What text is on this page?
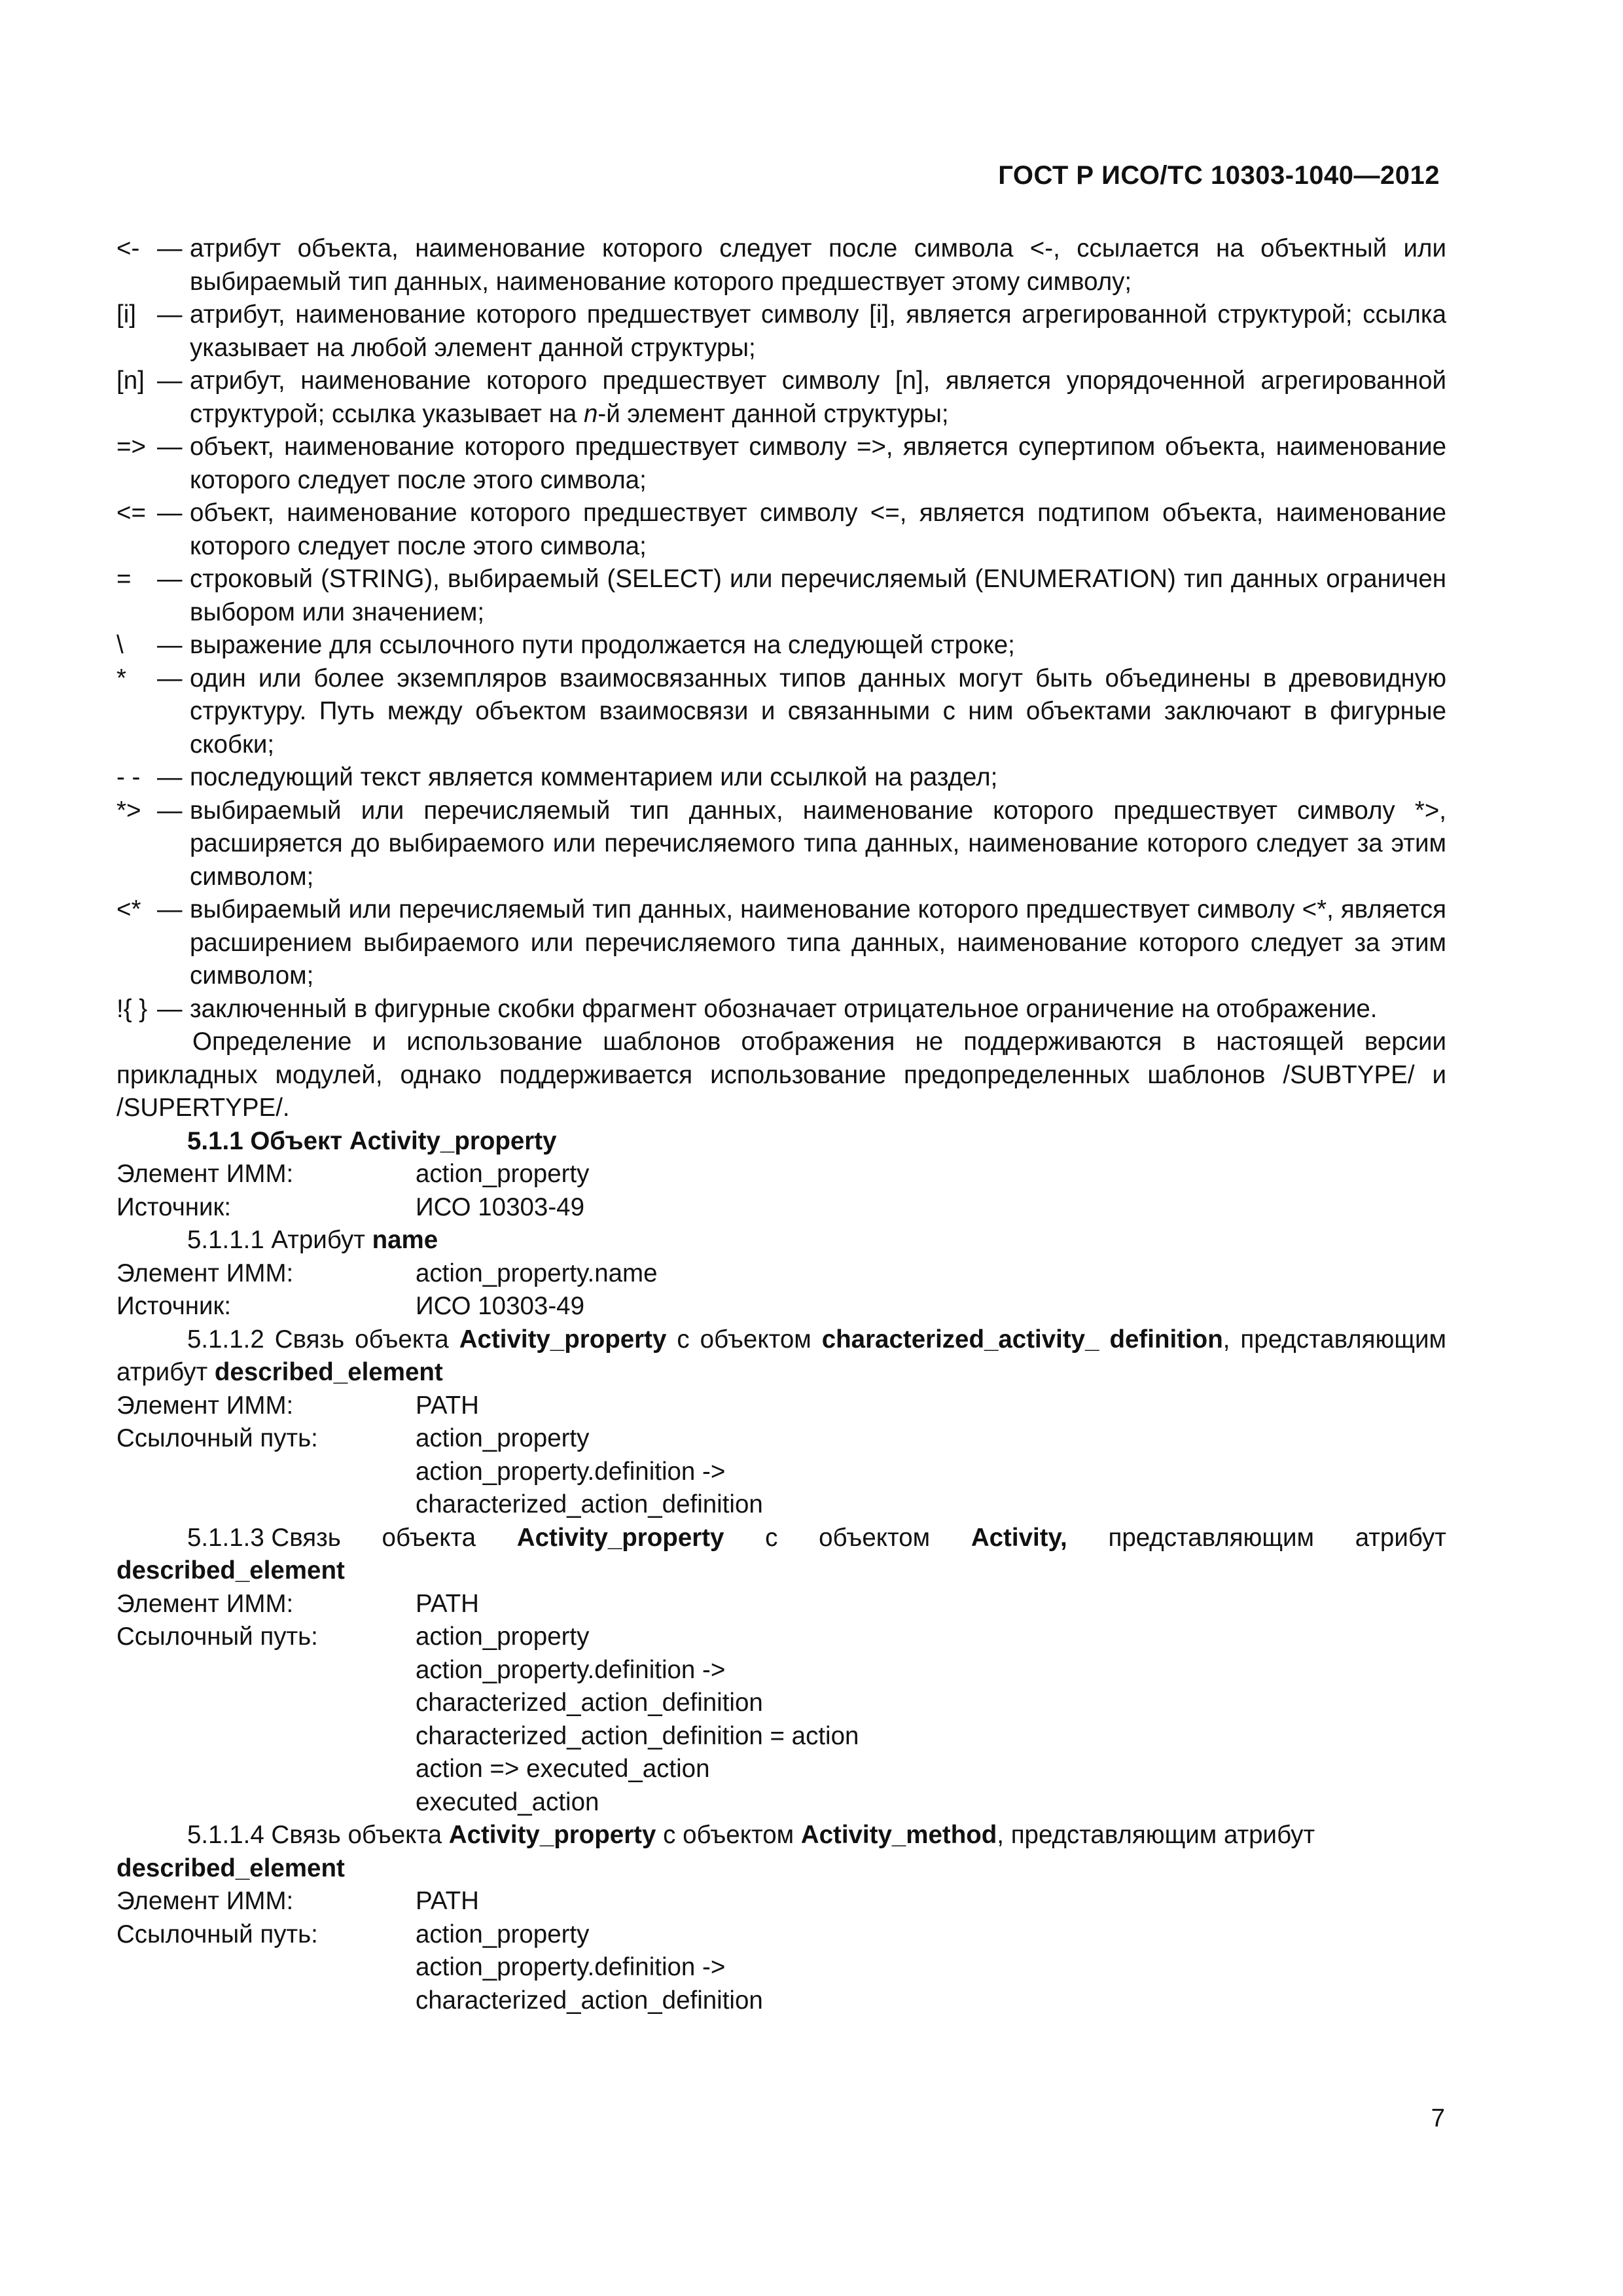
ГОСТ Р ИСО/ТС 10303-1040—2012
<- — атрибут объекта, наименование которого следует после символа <-, ссылается на объектный или выбираемый тип данных, наименование которого предшествует этому символу;
[i] — атрибут, наименование которого предшествует символу [i], является агрегированной структурой; ссылка указывает на любой элемент данной структуры;
[n] — атрибут, наименование которого предшествует символу [n], является упорядоченной агрегированной структурой; ссылка указывает на n-й элемент данной структуры;
=> — объект, наименование которого предшествует символу =>, является супертипом объекта, наименование которого следует после этого символа;
<= — объект, наименование которого предшествует символу <=, является подтипом объекта, наименование которого следует после этого символа;
=	— строковый (STRING), выбираемый (SELECT) или перечисляемый (ENUMERATION) тип данных ограничен выбором или значением;
\	— выражение для ссылочного пути продолжается на следующей строке;
*	— один или более экземпляров взаимосвязанных типов данных могут быть объединены в древовидную структуру. Путь между объектом взаимосвязи и связанными с ним объектами заключают в фигурные скобки;
- - — последующий текст является комментарием или ссылкой на раздел;
*> — выбираемый или перечисляемый тип данных, наименование которого предшествует символу *>, расширяется до выбираемого или перечисляемого типа данных, наименование которого следует за этим символом;
<* — выбираемый или перечисляемый тип данных, наименование которого предшествует символу <*, является расширением выбираемого или перечисляемого типа данных, наименование которого следует за этим символом;
!{ } — заключенный в фигурные скобки фрагмент обозначает отрицательное ограничение на отображение.
Определение и использование шаблонов отображения не поддерживаются в настоящей версии прикладных модулей, однако поддерживается использование предопределенных шаблонов /SUBTYPE/ и /SUPERTYPE/.
5.1.1 Объект Activity_property
Элемент ИММ:	action_property
Источник:	ИСО 10303-49
5.1.1.1 Атрибут name
Элемент ИММ:	action_property.name
Источник:	ИСО 10303-49
5.1.1.2 Связь объекта Activity_property с объектом characterized_activity_ definition, представляющим атрибут described_element
Элемент ИММ:	PATH
Ссылочный путь:	action_property
action_property.definition ->
characterized_action_definition
5.1.1.3 Связь объекта Activity_property с объектом Activity, представляющим атрибут
described_element
Элемент ИММ:	PATH
Ссылочный путь:	action_property
action_property.definition ->
characterized_action_definition
characterized_action_definition = action
action => executed_action
executed_action
5.1.1.4 Связь объекта Activity_property с объектом Activity_method, представляющим атрибут
described_element
Элемент ИММ:	PATH
Ссылочный путь:	action_property
action_property.definition ->
characterized_action_definition
7
